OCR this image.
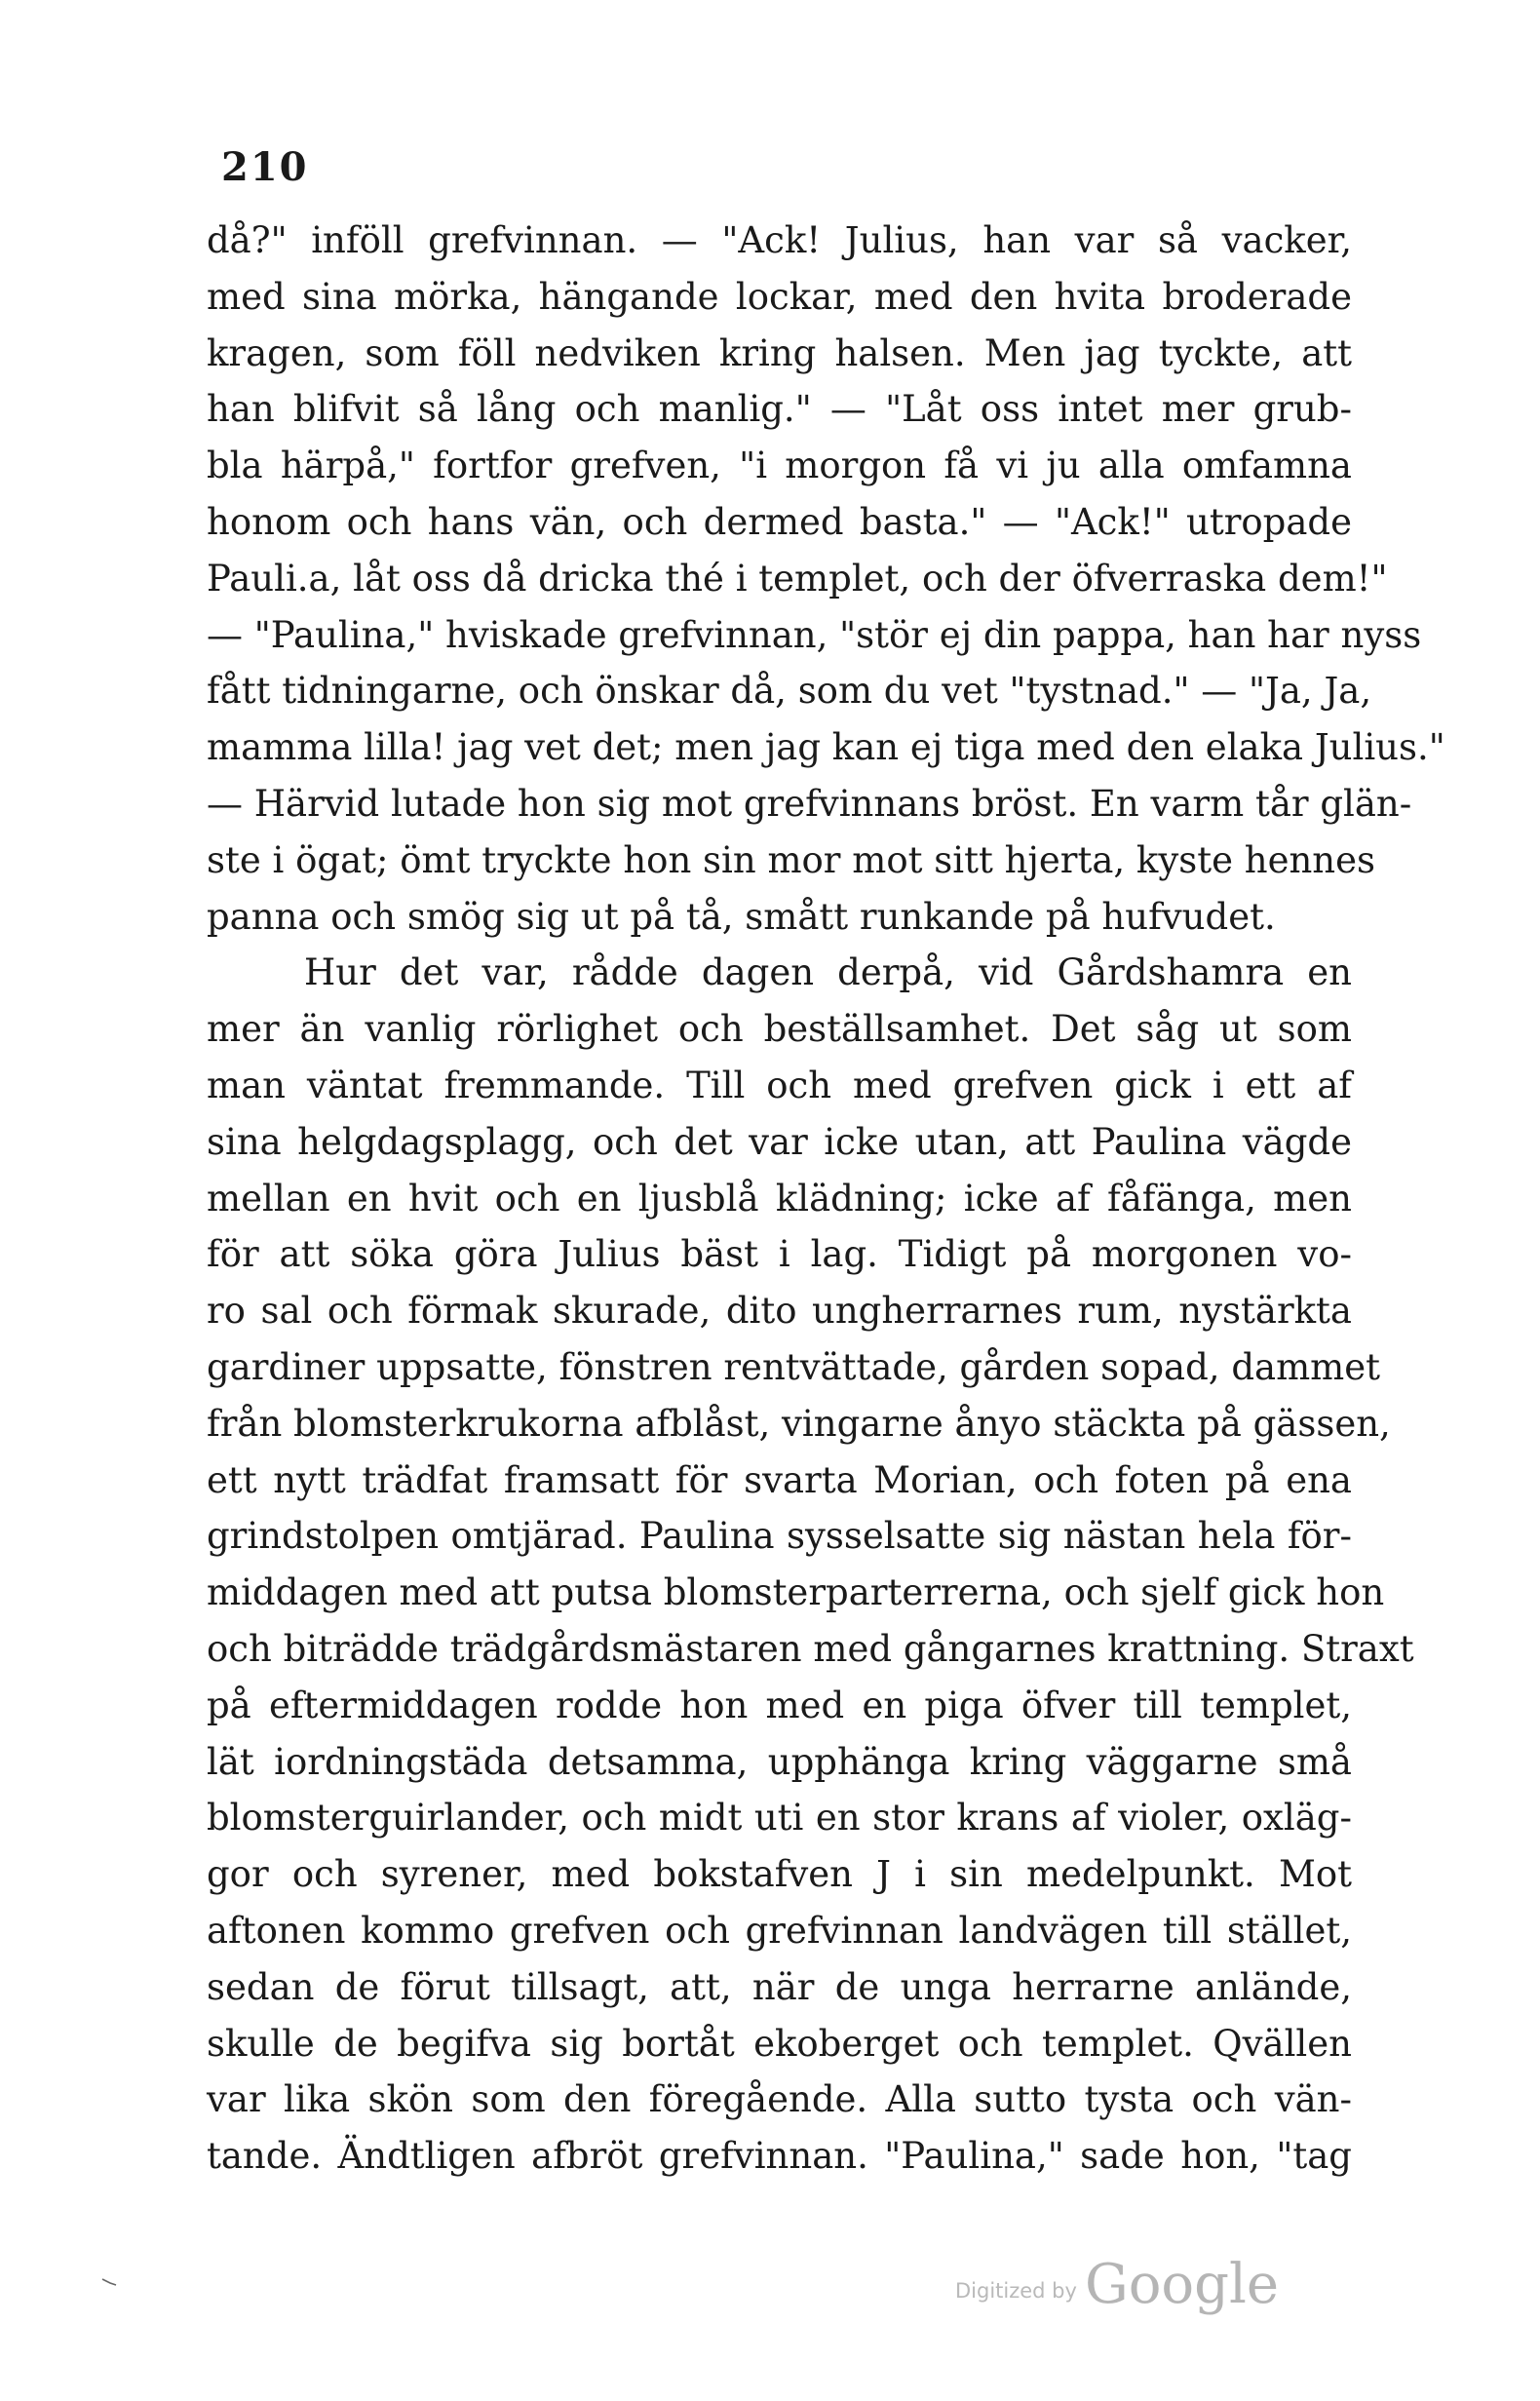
210
då?" inföll grefvinnan. — "Ack! Julius, han var så vacker,
med sina mörka, hängande lockar, med den hvita broderade
kragen, som föll nedviken kring halsen. Men jag tyckte, att
han blifvit så lång och manlig." — "Låt oss intet mer grub-
bla härpå," fortfor grefven, "i morgon få vi ju alla omfamna
honom och hans vän, och dermed basta." — "Ack!" utropade
Pauli.a, låt oss då dricka thé i templet, och der öfverraska dem!"
— "Paulina," hviskade grefvinnan, "stör ej din pappa, han har nyss
fått tidningarne, och önskar då, som du vet "tystnad." — "Ja, Ja,
mamma lilla! jag vet det; men jag kan ej tiga med den elaka Julius."
— Härvid lutade hon sig mot grefvinnans bröst. En varm tår glän-
ste i ögat; ömt tryckte hon sin mor mot sitt hjerta, kyste hennes
panna och smög sig ut på tå, smått runkande på hufvudet.
Hur det var, rådde dagen derpå, vid Gårdshamra en
mer än vanlig rörlighet och beställsamhet. Det såg ut som
man väntat fremmande. Till och med grefven gick i ett af
sina helgdagsplagg, och det var icke utan, att Paulina vägde
mellan en hvit och en ljusblå klädning; icke af fåfänga, men
för att söka göra Julius bäst i lag. Tidigt på morgonen vo-
ro sal och förmak skurade, dito ungherrarnes rum, nystärkta
gardiner uppsatte, fönstren rentvättade, gården sopad, dammet
från blomsterkrukorna afblåst, vingarne ånyo stäckta på gässen,
ett nytt trädfat framsatt för svarta Morian, och foten på ena
grindstolpen omtjärad. Paulina sysselsatte sig nästan hela för-
middagen med att putsa blomsterparterrerna, och sjelf gick hon
och biträdde trädgårdsmästaren med gångarnes krattning. Straxt
på eftermiddagen rodde hon med en piga öfver till templet,
lät iordningstäda detsamma, upphänga kring väggarne små
blomsterguirlander, och midt uti en stor krans af violer, oxläg-
gor och syrener, med bokstafven J i sin medelpunkt. Mot
aftonen kommo grefven och grefvinnan landvägen till stället,
sedan de förut tillsagt, att, när de unga herrarne anlände,
skulle de begifva sig bortåt ekoberget och templet. Qvällen
var lika skön som den föregående. Alla sutto tysta och vän-
tande. Ändtligen afbröt grefvinnan. "Paulina," sade hon, "tag
Digitized by Google
